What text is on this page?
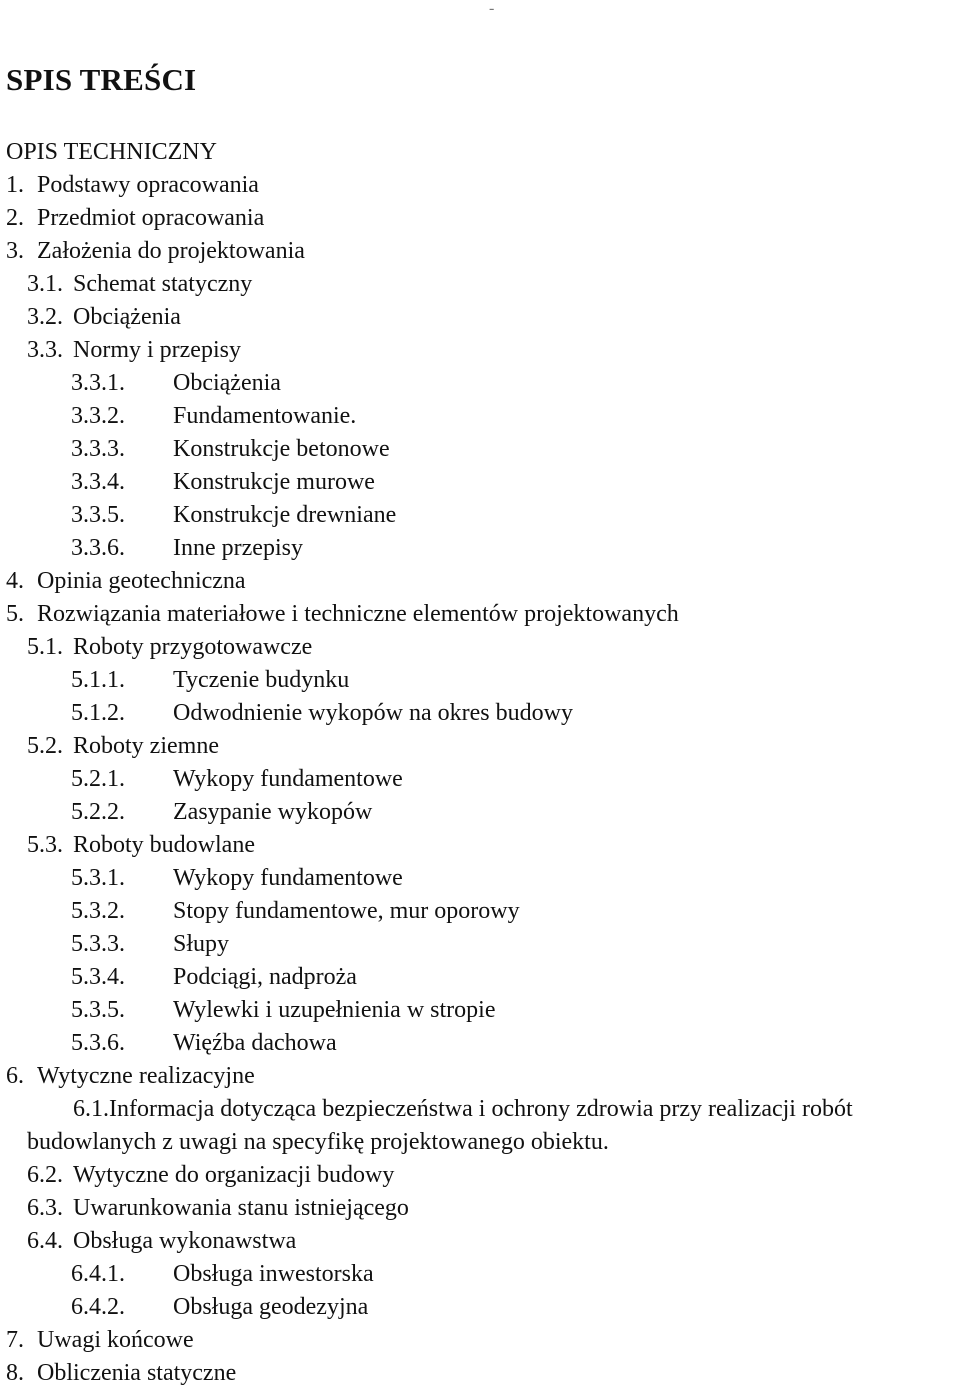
-
SPIS TREŚCI
OPIS TECHNICZNY
1. Podstawy opracowania
2. Przedmiot opracowania
3. Założenia do projektowania
3.1. Schemat statyczny
3.2. Obciążenia
3.3. Normy i przepisy
3.3.1. Obciążenia
3.3.2. Fundamentowanie.
3.3.3. Konstrukcje betonowe
3.3.4. Konstrukcje murowe
3.3.5. Konstrukcje drewniane
3.3.6. Inne przepisy
4. Opinia geotechniczna
5. Rozwiązania materiałowe i techniczne elementów projektowanych
5.1. Roboty przygotowawcze
5.1.1. Tyczenie budynku
5.1.2. Odwodnienie wykopów na okres budowy
5.2. Roboty ziemne
5.2.1. Wykopy fundamentowe
5.2.2. Zasypanie wykopów
5.3. Roboty budowlane
5.3.1. Wykopy fundamentowe
5.3.2. Stopy fundamentowe, mur oporowy
5.3.3. Słupy
5.3.4. Podciągi, nadproża
5.3.5. Wylewki i uzupełnienia w stropie
5.3.6. Więźba dachowa
6. Wytyczne realizacyjne
6.1.Informacja dotycząca bezpieczeństwa i ochrony zdrowia przy realizacji robót budowlanych z uwagi na specyfikę projektowanego obiektu.
6.2. Wytyczne do organizacji budowy
6.3. Uwarunkowania stanu istniejącego
6.4. Obsługa wykonawstwa
6.4.1. Obsługa inwestorska
6.4.2. Obsługa geodezyjna
7. Uwagi końcowe
8. Obliczenia statyczne
